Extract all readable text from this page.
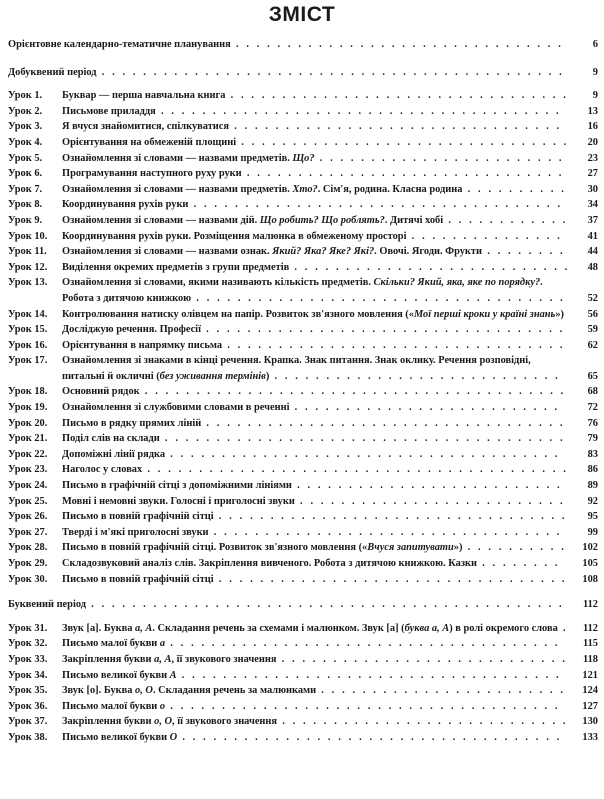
ЗМІСТ
Орієнтовне календарно-тематичне планування . . . . . . . . . . . . . . . . . . . . . . . . . . . . . . . .	6
Добуквений період . . . . . . . . . . . . . . . . . . . . . . . . . . . . . . . . . . . . . . . . . . . . .	9
Урок 1.	Буквар — перша навчальна книга . . . . . . . . . . . . . . . . . . . . . . . . . . . . . . . . .	9
Урок 2.	Письмове приладдя . . . . . . . . . . . . . . . . . . . . . . . . . . . . . . . . . . . . . . .	13
Урок 3.	Я вчуся знайомитися, спілкуватися . . . . . . . . . . . . . . . . . . . . . . . . . . . . . . . .	16
Урок 4.	Орієнтування на обмеженій площині . . . . . . . . . . . . . . . . . . . . . . . . . . . . . . . .	20
Урок 5.	Ознайомлення зі словами — назвами предметів. Що? . . . . . . . . . . . . . . . . . . . . . . . .	23
Урок 6.	Програмування наступного руху руки . . . . . . . . . . . . . . . . . . . . . . . . . . . . . . .	27
Урок 7.	Ознайомлення зі словами — назвами предметів. Хто?. Сім'я, родина. Класна родина . . . . . . . . . .	30
Урок 8.	Координування рухів руки . . . . . . . . . . . . . . . . . . . . . . . . . . . . . . . . . . . .	34
Урок 9.	Ознайомлення зі словами — назвами дій. Що робить? Що роблять?. Дитячі хобі . . . . . . . . . . . .	37
Урок 10.	Координування рухів руки. Розміщення малюнка в обмеженому просторі . . . . . . . . . . . . . . .	41
Урок 11.	Ознайомлення зі словами — назвами ознак. Який? Яка? Яке? Які?. Овочі. Ягоди. Фрукти . . . . . . . .	44
Урок 12.	Виділення окремих предметів з групи предметів . . . . . . . . . . . . . . . . . . . . . . . . . . .	48
Урок 13.	Ознайомлення зі словами, якими називають кількість предметів. Скільки? Який, яка, яке по порядку?. Робота з дитячою книжкою . . . . . . . . . . . . . . . . . . . . . . . . . . . . . . . . . . . .	52
Урок 14.	Контролювання натиску олівцем на папір. Розвиток зв'язного мовлення («Мої перші кроки у країні знань»)	56
Урок 15.	Досліджую речення. Професії . . . . . . . . . . . . . . . . . . . . . . . . . . . . . . . . . . .	59
Урок 16.	Орієнтування в напрямку письма . . . . . . . . . . . . . . . . . . . . . . . . . . . . . . . . .	62
Урок 17.	Ознайомлення зі знаками в кінці речення. Крапка. Знак питання. Знак оклику. Речення розповідні, питальні й окличні (без уживання термінів) . . . . . . . . . . . . . . . . . . . . . . . . . . . .	65
Урок 18.	Основний рядок . . . . . . . . . . . . . . . . . . . . . . . . . . . . . . . . . . . . . . . . .	68
Урок 19.	Ознайомлення зі службовими словами в реченні . . . . . . . . . . . . . . . . . . . . . . . . . .	72
Урок 20.	Письмо в рядку прямих ліній . . . . . . . . . . . . . . . . . . . . . . . . . . . . . . . . . . .	76
Урок 21.	Поділ слів на склади . . . . . . . . . . . . . . . . . . . . . . . . . . . . . . . . . . . . . . .	79
Урок 22.	Допоміжні лінії рядка . . . . . . . . . . . . . . . . . . . . . . . . . . . . . . . . . . . . . .	83
Урок 23.	Наголос у словах . . . . . . . . . . . . . . . . . . . . . . . . . . . . . . . . . . . . . . . . .	86
Урок 24.	Письмо в графічній сітці з допоміжними лініями . . . . . . . . . . . . . . . . . . . . . . . . . .	89
Урок 25.	Мовні і немовні звуки. Голосні і приголосні звуки . . . . . . . . . . . . . . . . . . . . . . . . . .	92
Урок 26.	Письмо в повній графічній сітці . . . . . . . . . . . . . . . . . . . . . . . . . . . . . . . . . .	95
Урок 27.	Тверді і м'які приголосні звуки . . . . . . . . . . . . . . . . . . . . . . . . . . . . . . . . . .	99
Урок 28.	Письмо в повній графічній сітці. Розвиток зв'язного мовлення («Вчуся запитувати») . . . . . . . . . .	102
Урок 29.	Складозвуковий аналіз слів. Закріплення вивченого. Робота з дитячою книжкою. Казки . . . . . . . .	105
Урок 30.	Письмо в повній графічній сітці . . . . . . . . . . . . . . . . . . . . . . . . . . . . . . . . . .	108
Буквений період . . . . . . . . . . . . . . . . . . . . . . . . . . . . . . . . . . . . . . . . . . . . . .	112
Урок 31.	Звук [а]. Буква а, А. Складання речень за схемами і малюнком. Звук [а] (буква а, А) в ролі окремого слова .	112
Урок 32.	Письмо малої букви а . . . . . . . . . . . . . . . . . . . . . . . . . . . . . . . . . . . . . .	115
Урок 33.	Закріплення букви а, А, її звукового значення . . . . . . . . . . . . . . . . . . . . . . . . . . . .	118
Урок 34.	Письмо великої букви А . . . . . . . . . . . . . . . . . . . . . . . . . . . . . . . . . . . . .	121
Урок 35.	Звук [о]. Буква о, О. Складання речень за малюнками . . . . . . . . . . . . . . . . . . . . . . . .	124
Урок 36.	Письмо малої букви о . . . . . . . . . . . . . . . . . . . . . . . . . . . . . . . . . . . . . .	127
Урок 37.	Закріплення букви о, О, її звукового значення . . . . . . . . . . . . . . . . . . . . . . . . . . . .	130
Урок 38.	Письмо великої букви О . . . . . . . . . . . . . . . . . . . . . . . . . . . . . . . . . . . . .	133
